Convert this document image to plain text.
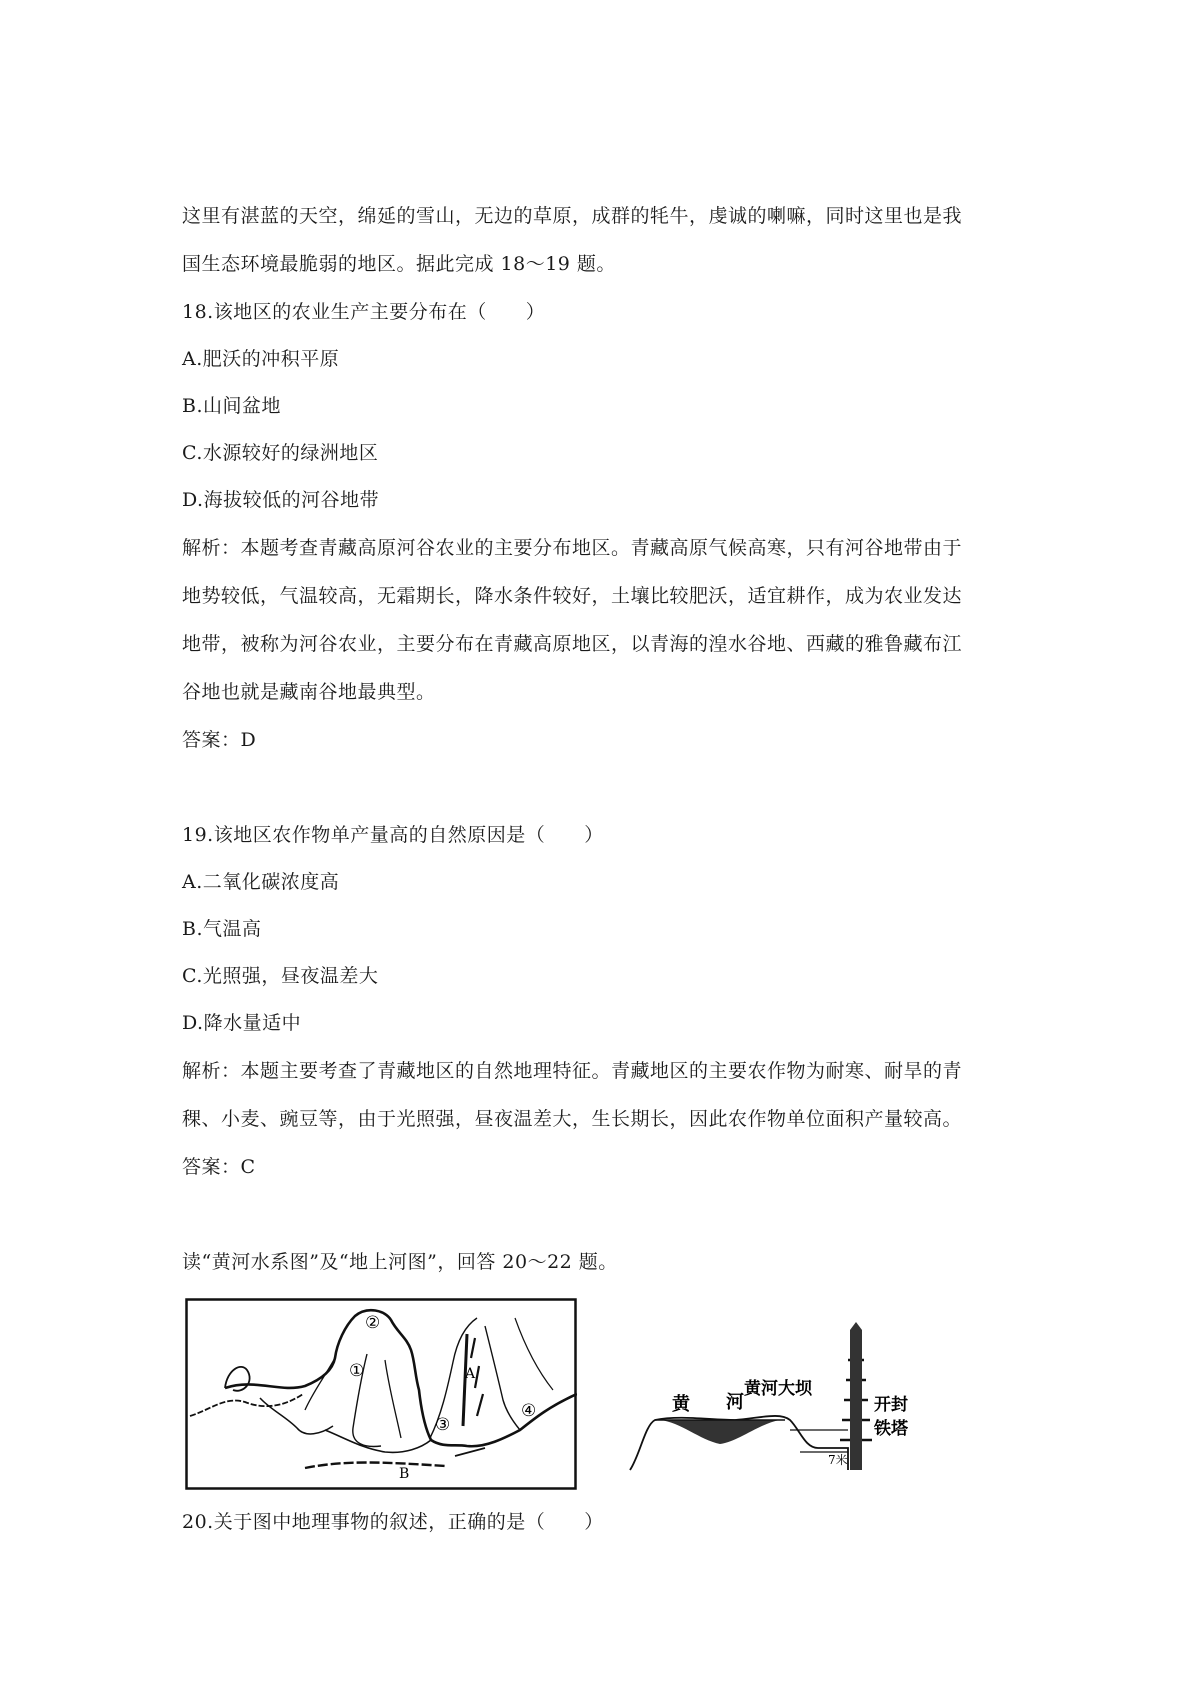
这里有湛蓝的天空，绵延的雪山，无边的草原，成群的牦牛，虔诚的喇嘛，同时这里也是我
国生态环境最脆弱的地区。据此完成 18～19 题。
18.该地区的农业生产主要分布在（　　）
A.肥沃的冲积平原
B.山间盆地
C.水源较好的绿洲地区
D.海拔较低的河谷地带
解析：本题考查青藏高原河谷农业的主要分布地区。青藏高原气候高寒，只有河谷地带由于
地势较低，气温较高，无霜期长，降水条件较好，土壤比较肥沃，适宜耕作，成为农业发达
地带，被称为河谷农业，主要分布在青藏高原地区，以青海的湟水谷地、西藏的雅鲁藏布江
谷地也就是藏南谷地最典型。
答案：D
19.该地区农作物单产量高的自然原因是（　　）
A.二氧化碳浓度高
B.气温高
C.光照强，昼夜温差大
D.降水量适中
解析：本题主要考查了青藏地区的自然地理特征。青藏地区的主要农作物为耐寒、耐旱的青
稞、小麦、豌豆等，由于光照强，昼夜温差大，生长期长，因此农作物单位面积产量较高。
答案：C
读“黄河水系图”及“地上河图”，回答 20～22 题。
①
②
③
④
A
B
黄 河
黄河大坝
开封
铁塔
7米
20.关于图中地理事物的叙述，正确的是（　　）
